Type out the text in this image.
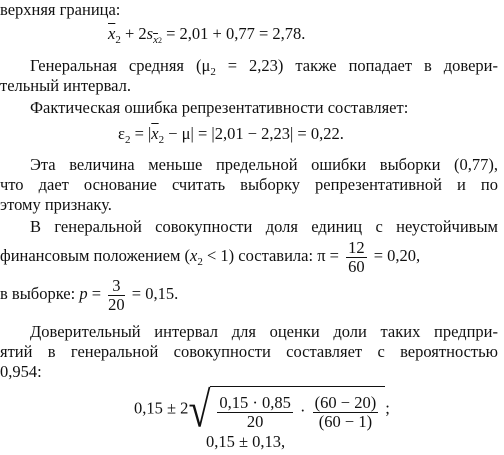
верхняя граница:
$\overline{x}_2 + 2s_{\overline{x}2} = 2,01 + 0,77 = 2,78$.
Генеральная средняя $(\mu_2 = 2,23)$ также попадает в довери-
тельный интервал.
Фактическая ошибка репрезентативности составляет:
$\varepsilon_2 = |\overline{x}_2 - \mu| = |2,01 - 2,23| = 0,22$.
Эта величина меньше предельной ошибки выборки (0,77),
что дает основание считать выборку репрезентативной и по
этому признаку.
В генеральной совокупности доля единиц с неустойчивым
финансовым положением $(x_2 < 1)$ составила: $\pi = \frac{12}{60} = 0,20$,
в выборке: $p = \frac{3}{20} = 0,15$.
Доверительный интервал для оценки доли таких предпри-
ятий в генеральной совокупности составляет с вероятностью
0,954:
$0,15 \pm 2√ \frac{0,15 \cdot 0,85}{20} \cdot \frac{(60 - 20)}{(60 - 1)}$ ;
0,15 ± 0,13,
